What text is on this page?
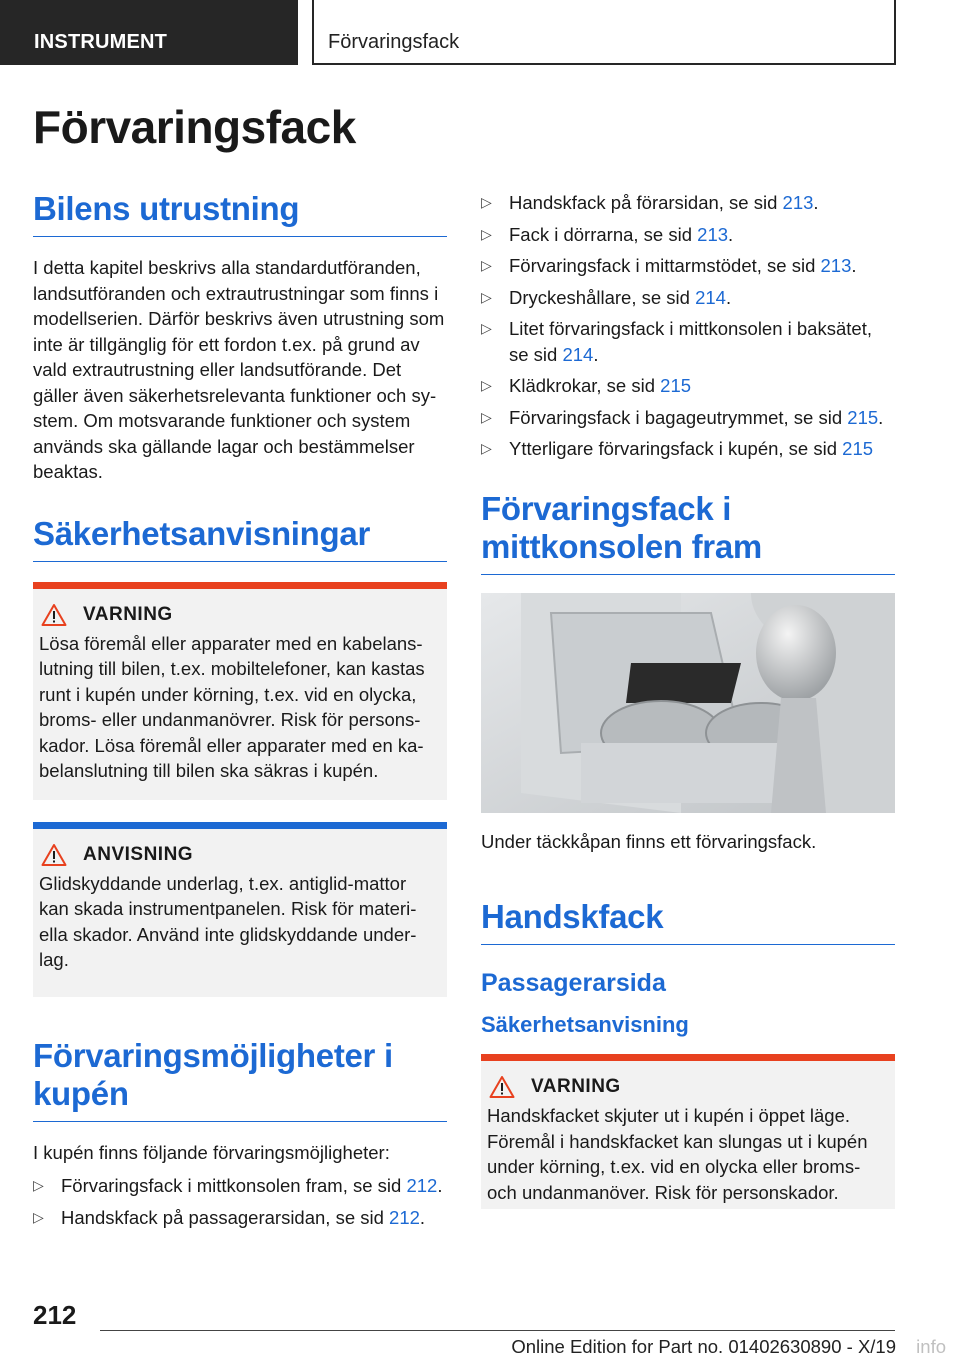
INSTRUMENT	Förvaringsfack
Förvaringsfack
Bilens utrustning

I detta kapitel beskrivs alla standardutföranden, landsutföranden och extrautrustningar som finns i modellserien. Därför beskrivs även utrustning som inte är tillgänglig för ett fordon t.ex. på grund av vald extrautrustning eller landsutförande. Det gäller även säkerhetsrelevanta funktioner och sy-stem. Om motsvarande funktioner och system används ska gällande lagar och bestämmelser beaktas.

Säkerhetsanvisningar
VARNING
Lösa föremål eller apparater med en kabelans-lutning till bilen, t.ex. mobiltelefoner, kan kastas runt i kupén under körning, t.ex. vid en olycka, broms- eller undanmanövrer. Risk för persons-kador. Lösa föremål eller apparater med en ka-belanslutning till bilen ska säkras i kupén.
ANVISNING
Glidskyddande underlag, t.ex. antiglid-mattor kan skada instrumentpanelen. Risk för materi-ella skador. Använd inte glidskyddande under-lag.
Förvaringsmöjligheter i kupén

I kupén finns följande förvaringsmöjligheter:

▷ Förvaringsfack i mittkonsolen fram, se sid 212.
▷ Handskfack på passagerarsidan, se sid 212.
▷ Handskfack på förarsidan, se sid 213.
▷ Fack i dörrarna, se sid 213.
▷ Förvaringsfack i mittarmstödet, se sid 213.
▷ Dryckeshållare, se sid 214.
▷ Litet förvaringsfack i mittkonsolen i baksätet, se sid 214.
▷ Klädkrokar, se sid 215
▷ Förvaringsfack i bagageutrymmet, se sid 215.
▷ Ytterligare förvaringsfack i kupén, se sid 215
Förvaringsfack i mittkonsolen fram

Under täckkåpan finns ett förvaringsfack.

Handskfack
Passagerarsida
Säkerhetsanvisning
VARNING
Handskfacket skjuter ut i kupén i öppet läge. Föremål i handskfacket kan slungas ut i kupén under körning, t.ex. vid en olycka eller broms- och undanmanöver. Risk för personskador.
212
Online Edition for Part no. 01402630890 - X/19 info
